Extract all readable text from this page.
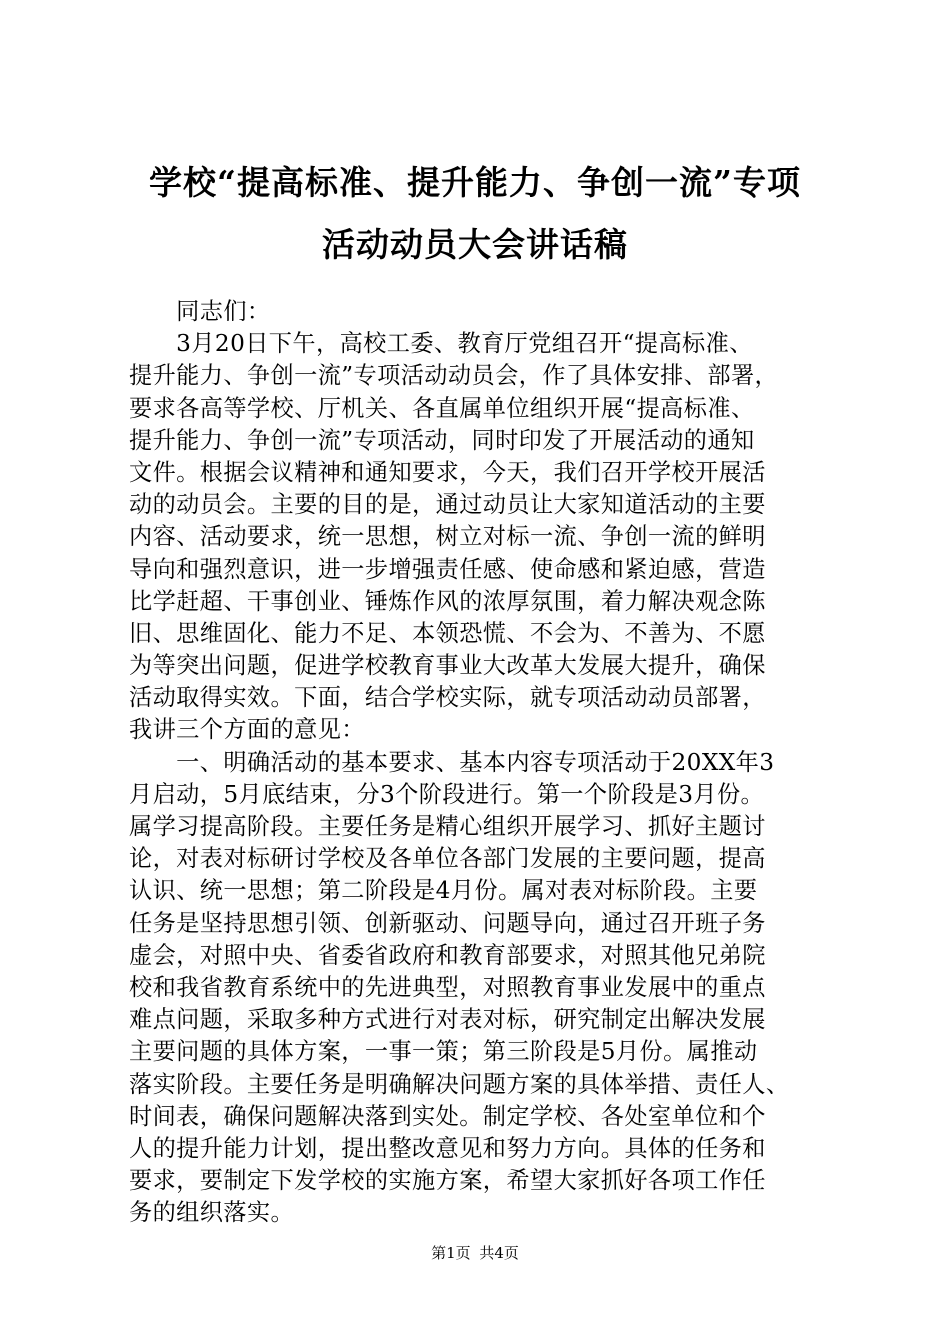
学校“提高标准、提升能力、争创一流”专项
活动动员大会讲话稿
　　同志们：
　　3月20日下午，高校工委、教育厅党组召开“提高标准、
提升能力、争创一流”专项活动动员会，作了具体安排、部署，
要求各高等学校、厅机关、各直属单位组织开展“提高标准、
提升能力、争创一流”专项活动，同时印发了开展活动的通知
文件。根据会议精神和通知要求，今天，我们召开学校开展活
动的动员会。主要的目的是，通过动员让大家知道活动的主要
内容、活动要求，统一思想，树立对标一流、争创一流的鲜明
导向和强烈意识，进一步增强责任感、使命感和紧迫感，营造
比学赶超、干事创业、锤炼作风的浓厚氛围，着力解决观念陈
旧、思维固化、能力不足、本领恐慌、不会为、不善为、不愿
为等突出问题，促进学校教育事业大改革大发展大提升，确保
活动取得实效。下面，结合学校实际，就专项活动动员部署，
我讲三个方面的意见：
　　一、明确活动的基本要求、基本内容专项活动于20XX年3
月启动，5月底结束，分3个阶段进行。第一个阶段是3月份。
属学习提高阶段。主要任务是精心组织开展学习、抓好主题讨
论，对表对标研讨学校及各单位各部门发展的主要问题，提高
认识、统一思想；第二阶段是4月份。属对表对标阶段。主要
任务是坚持思想引领、创新驱动、问题导向，通过召开班子务
虚会，对照中央、省委省政府和教育部要求，对照其他兄弟院
校和我省教育系统中的先进典型，对照教育事业发展中的重点
难点问题，采取多种方式进行对表对标，研究制定出解决发展
主要问题的具体方案，一事一策；第三阶段是5月份。属推动
落实阶段。主要任务是明确解决问题方案的具体举措、责任人、
时间表，确保问题解决落到实处。制定学校、各处室单位和个
人的提升能力计划，提出整改意见和努力方向。具体的任务和
要求，要制定下发学校的实施方案，希望大家抓好各项工作任
务的组织落实。
第1页 共4页
